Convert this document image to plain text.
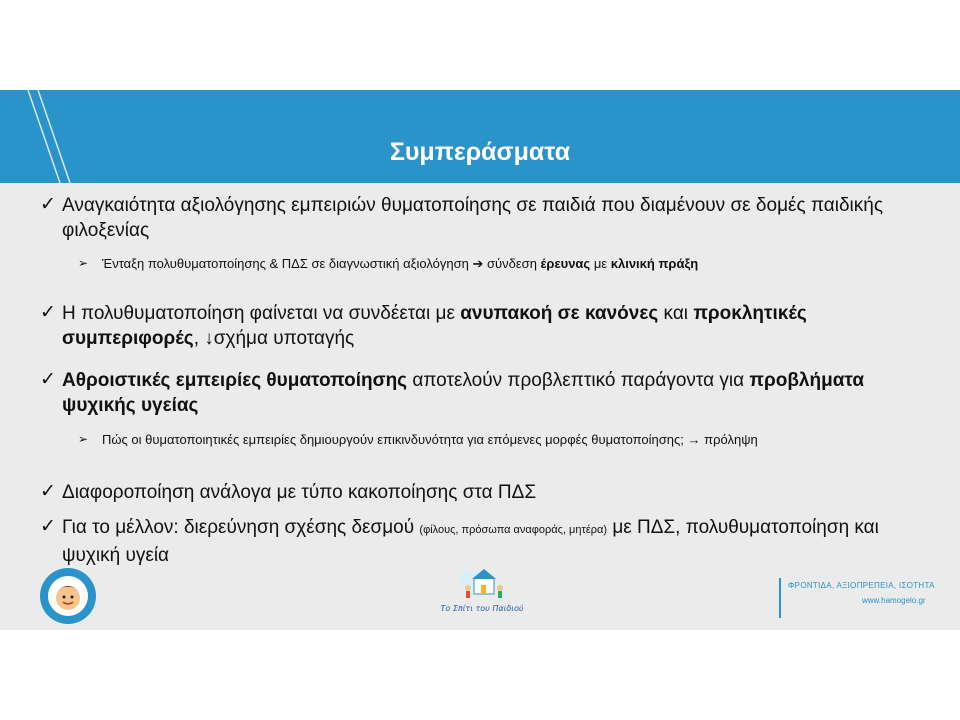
Συμπεράσματα
✓ Αναγκαιότητα αξιολόγησης εμπειριών θυματοποίησης σε παιδιά που διαμένουν σε δομές παιδικής φιλοξενίας
➢ Ένταξη πολυθυματοποίησης & ΠΔΣ σε διαγνωστική αξιολόγηση ➔ σύνδεση έρευνας με κλινική πράξη
✓ Η πολυθυματοποίηση φαίνεται να συνδέεται με ανυπακοή σε κανόνες και προκλητικές συμπεριφορές, ↓σχήμα υποταγής
✓ Αθροιστικές εμπειρίες θυματοποίησης αποτελούν προβλεπτικό παράγοντα για προβλήματα ψυχικής υγείας
➢ Πώς οι θυματοποιητικές εμπειρίες δημιουργούν επικινδυνότητα για επόμενες μορφές θυματοποίησης; → πρόληψη
✓ Διαφοροποίηση ανάλογα με τύπο κακοποίησης στα ΠΔΣ
✓ Για το μέλλον: διερεύνηση σχέσης δεσμού (φίλους, πρόσωπα αναφοράς, μητέρα) με ΠΔΣ, πολυθυματοποίηση και ψυχική υγεία
Το Σπίτι του Παιδιού
ΦΡΟΝΤΙΔΑ, ΑΞΙΟΠΡΕΠΕΙΑ, ΙΣΟΤΗΤΑ
www.hamogelo.gr
